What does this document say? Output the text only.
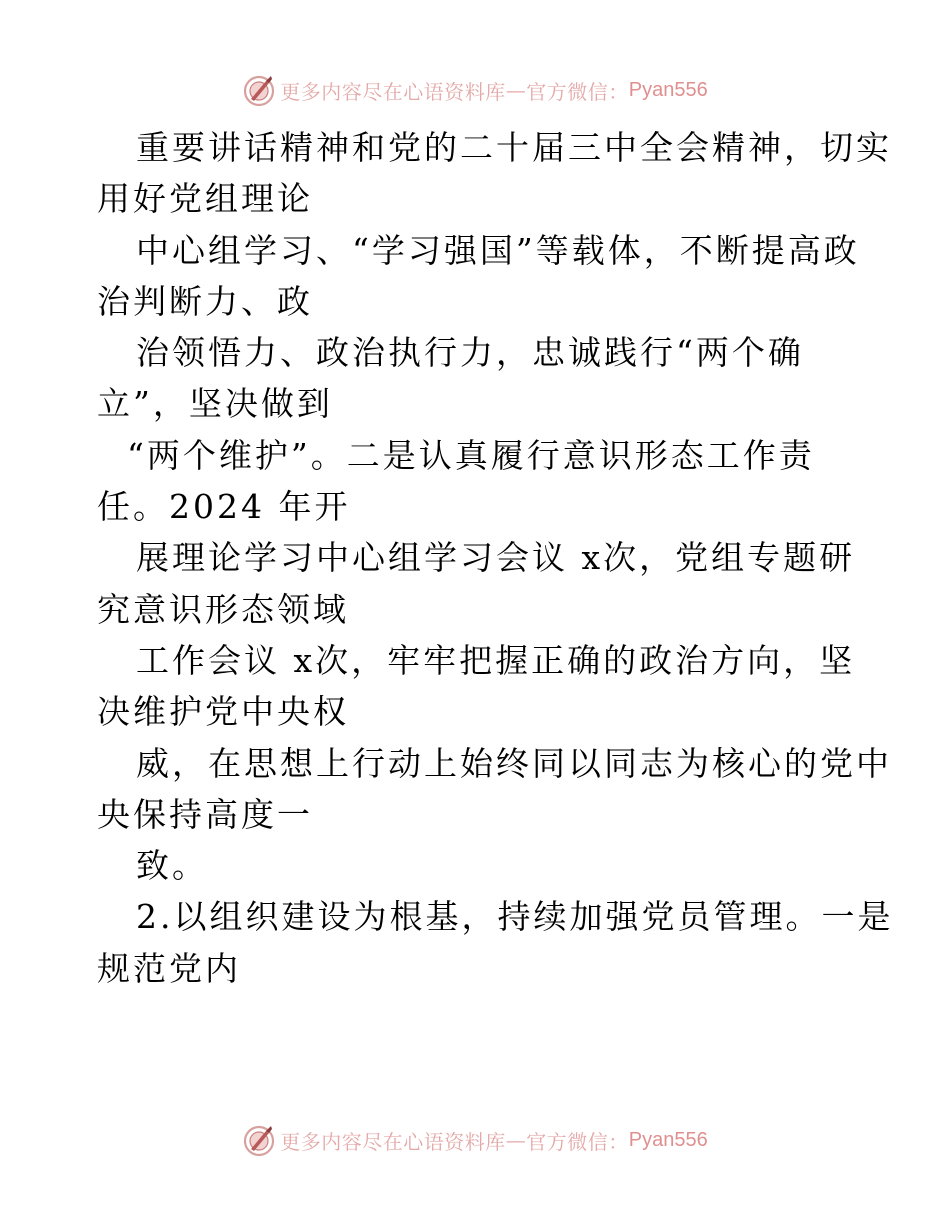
更多内容尽在心语资料库 — 官方微信： Pyan556
重要讲话精神和党的二十届三中全会精神，切实
用好党组理论
中心组学习、“学习强国”等载体，不断提高政
治判断力、政
治领悟力、政治执行力，忠诚践行“两个确
立”，坚决做到
“两个维护”。二是认真履行意识形态工作责
任。2024 年开
展理论学习中心组学习会议 x次，党组专题研
究意识形态领域
工作会议 x次，牢牢把握正确的政治方向，坚
决维护党中央权
威，在思想上行动上始终同以同志为核心的党中
央保持高度一
致。
2.以组织建设为根基，持续加强党员管理。一是
规范党内
更多内容尽在心语资料库 — 官方微信： Pyan556
